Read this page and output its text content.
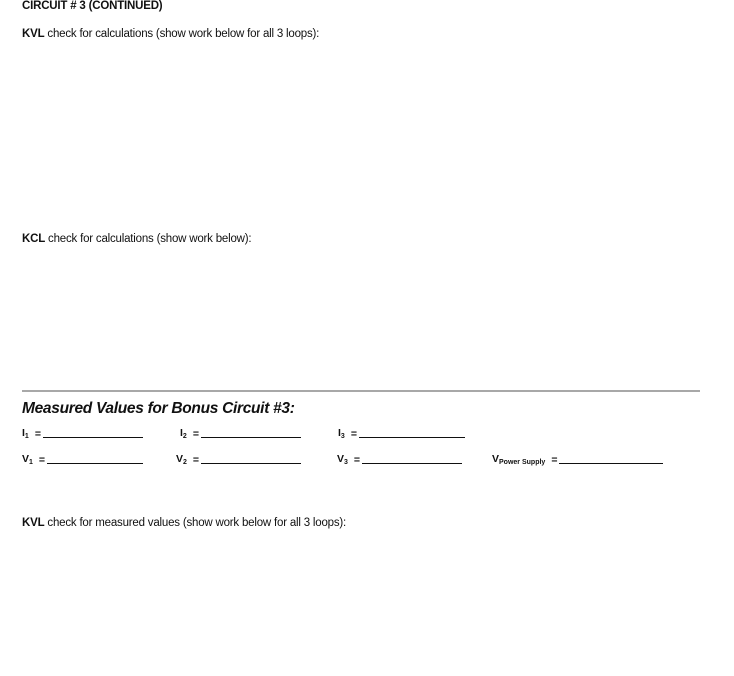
CIRCUIT # 3 (CONTINUED)
KVL check for calculations (show work below for all 3 loops):
KCL check for calculations (show work below):
Measured Values for Bonus Circuit #3:
$I_1$ =	$I_2$ =	$I_3$ =
$V_1$ =	$V_2$ =	$V_3$ =	$V_{Power Supply}$ =
KVL check for measured values (show work below for all 3 loops):
